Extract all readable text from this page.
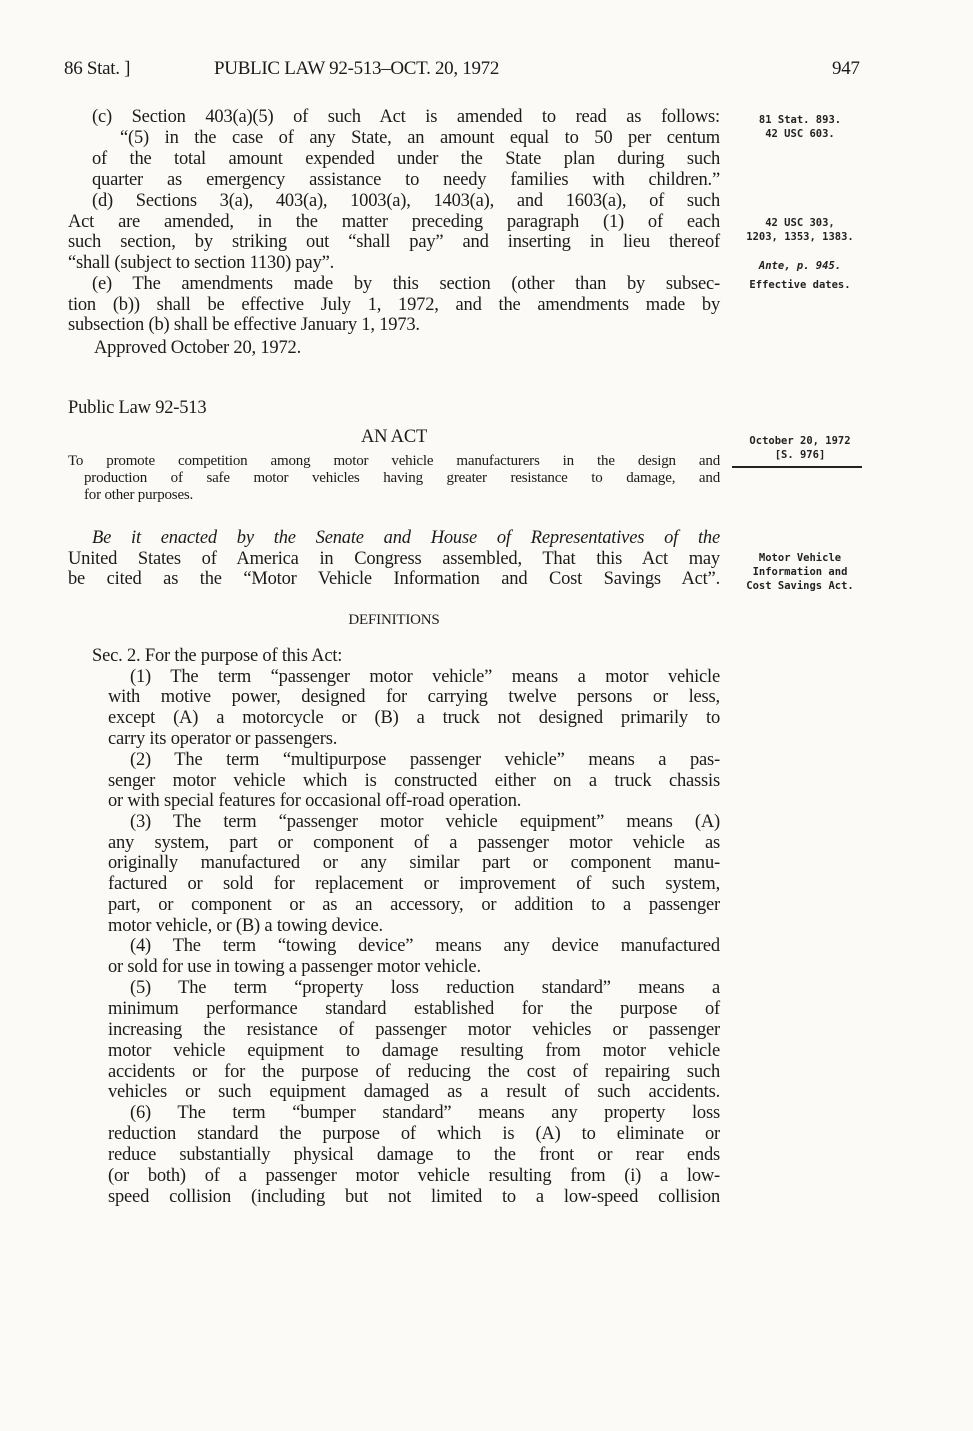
86 Stat. ]	PUBLIC LAW 92-513–OCT. 20, 1972	947
(c) Section 403(a)(5) of such Act is amended to read as follows:
“(5) in the case of any State, an amount equal to 50 per centum
of the total amount expended under the State plan during such
quarter as emergency assistance to needy families with children.”
(d) Sections 3(a), 403(a), 1003(a), 1403(a), and 1603(a), of such
Act are amended, in the matter preceding paragraph (1) of each
such section, by striking out “shall pay” and inserting in lieu thereof
“shall (subject to section 1130) pay”.
(e) The amendments made by this section (other than by subsec-
tion (b)) shall be effective July 1, 1972, and the amendments made by
subsection (b) shall be effective January 1, 1973.
Approved October 20, 1972.
Public Law 92-513
AN ACT
To promote competition among motor vehicle manufacturers in the design and
production of safe motor vehicles having greater resistance to damage, and
for other purposes.
Be it enacted by the Senate and House of Representatives of the
United States of America in Congress assembled, That this Act may
be cited as the “Motor Vehicle Information and Cost Savings Act”.
DEFINITIONS
Sec. 2. For the purpose of this Act:
(1) The term “passenger motor vehicle” means a motor vehicle
with motive power, designed for carrying twelve persons or less,
except (A) a motorcycle or (B) a truck not designed primarily to
carry its operator or passengers.
(2) The term “multipurpose passenger vehicle” means a pas-
senger motor vehicle which is constructed either on a truck chassis
or with special features for occasional off-road operation.
(3) The term “passenger motor vehicle equipment” means (A)
any system, part or component of a passenger motor vehicle as
originally manufactured or any similar part or component manu-
factured or sold for replacement or improvement of such system,
part, or component or as an accessory, or addition to a passenger
motor vehicle, or (B) a towing device.
(4) The term “towing device” means any device manufactured
or sold for use in towing a passenger motor vehicle.
(5) The term “property loss reduction standard” means a
minimum performance standard established for the purpose of
increasing the resistance of passenger motor vehicles or passenger
motor vehicle equipment to damage resulting from motor vehicle
accidents or for the purpose of reducing the cost of repairing such
vehicles or such equipment damaged as a result of such accidents.
(6) The term “bumper standard” means any property loss
reduction standard the purpose of which is (A) to eliminate or
reduce substantially physical damage to the front or rear ends
(or both) of a passenger motor vehicle resulting from (i) a low-
speed collision (including but not limited to a low-speed collision
81 Stat. 893.
42 USC 603.
42 USC 303,
1203, 1353, 1383.
Ante, p. 945.
Effective dates.
October 20, 1972
[S. 976]
Motor Vehicle
Information and
Cost Savings Act.
